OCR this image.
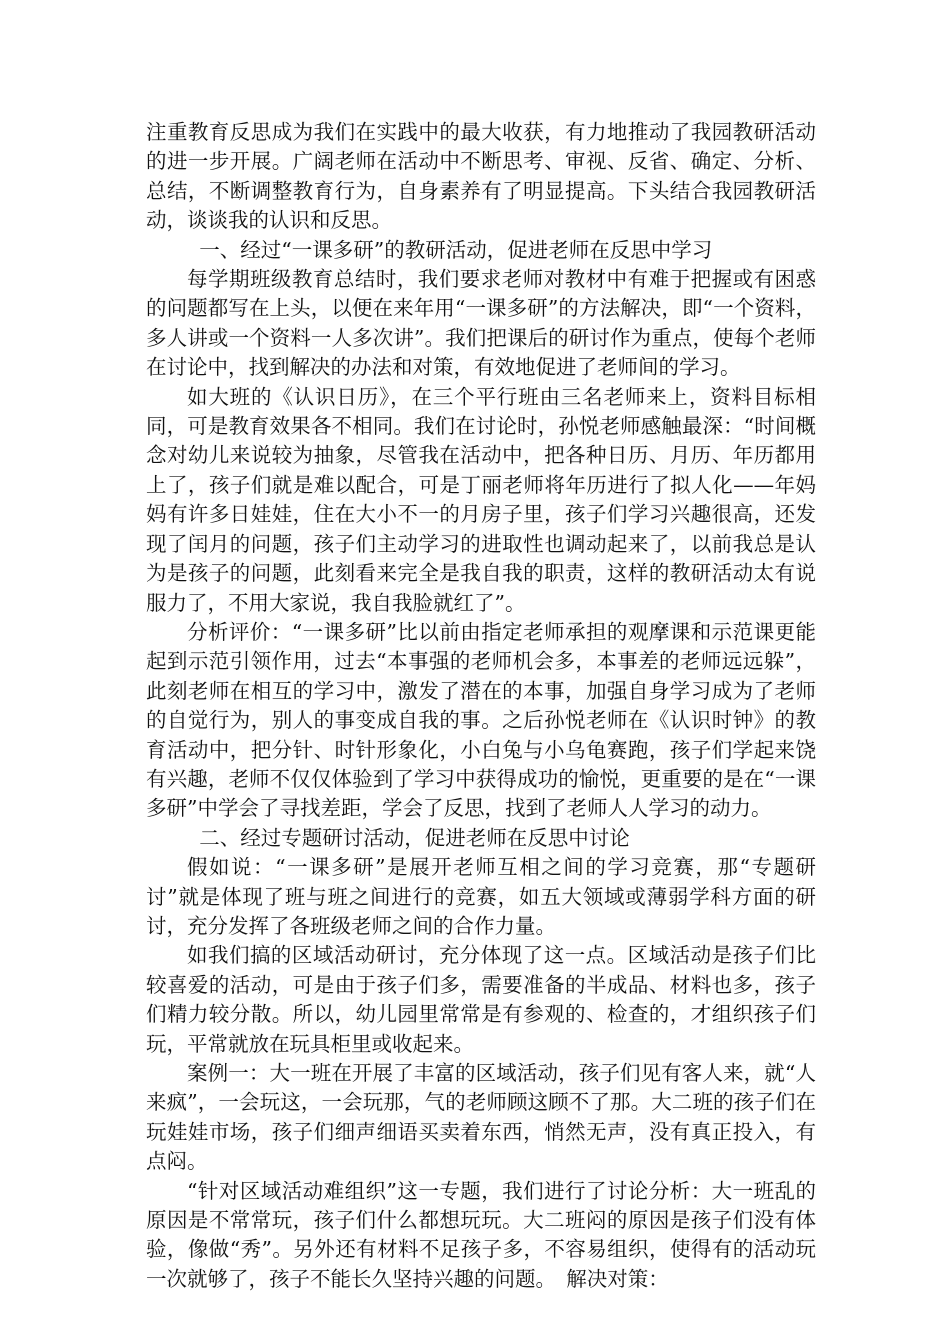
注重教育反思成为我们在实践中的最大收获，有力地推动了我园教研活动的进一步开展。广阔老师在活动中不断思考、审视、反省、确定、分析、总结，不断调整教育行为，自身素养有了明显提高。下头结合我园教研活动，谈谈我的认识和反思。

一、经过“一课多研”的教研活动，促进老师在反思中学习

每学期班级教育总结时，我们要求老师对教材中有难于把握或有困惑的问题都写在上头，以便在来年用“一课多研”的方法解决，即“一个资料，多人讲或一个资料一人多次讲”。我们把课后的研讨作为重点，使每个老师在讨论中，找到解决的办法和对策，有效地促进了老师间的学习。

如大班的《认识日历》，在三个平行班由三名老师来上，资料目标相同，可是教育效果各不相同。我们在讨论时，孙悦老师感触最深：“时间概念对幼儿来说较为抽象，尽管我在活动中，把各种日历、月历、年历都用上了，孩子们就是难以配合，可是丁丽老师将年历进行了拟人化——年妈妈有许多日娃娃，住在大小不一的月房子里，孩子们学习兴趣很高，还发现了闰月的问题，孩子们主动学习的进取性也调动起来了，以前我总是认为是孩子的问题，此刻看来完全是我自我的职责，这样的教研活动太有说服力了，不用大家说，我自我脸就红了”。

分析评价：“一课多研”比以前由指定老师承担的观摩课和示范课更能起到示范引领作用，过去“本事强的老师机会多，本事差的老师远远躲”，此刻老师在相互的学习中，激发了潜在的本事，加强自身学习成为了老师的自觉行为，别人的事变成自我的事。之后孙悦老师在《认识时钟》的教育活动中，把分针、时针形象化，小白兔与小乌龟赛跑，孩子们学起来饶有兴趣，老师不仅仅体验到了学习中获得成功的愉悦，更重要的是在“一课多研”中学会了寻找差距，学会了反思，找到了老师人人学习的动力。

二、经过专题研讨活动，促进老师在反思中讨论

假如说：“一课多研”是展开老师互相之间的学习竞赛，那“专题研讨”就是体现了班与班之间进行的竞赛，如五大领域或薄弱学科方面的研讨，充分发挥了各班级老师之间的合作力量。

如我们搞的区域活动研讨，充分体现了这一点。区域活动是孩子们比较喜爱的活动，可是由于孩子们多，需要准备的半成品、材料也多，孩子们精力较分散。所以，幼儿园里常常是有参观的、检查的，才组织孩子们玩，平常就放在玩具柜里或收起来。

案例一：大一班在开展了丰富的区域活动，孩子们见有客人来，就“人来疯”，一会玩这，一会玩那，气的老师顾这顾不了那。大二班的孩子们在玩娃娃市场，孩子们细声细语买卖着东西，悄然无声，没有真正投入，有点闷。

“针对区域活动难组织”这一专题，我们进行了讨论分析：大一班乱的原因是不常常玩，孩子们什么都想玩玩。大二班闷的原因是孩子们没有体验，像做“秀”。另外还有材料不足孩子多，不容易组织，使得有的活动玩一次就够了，孩子不能长久坚持兴趣的问题。　解决对策：
